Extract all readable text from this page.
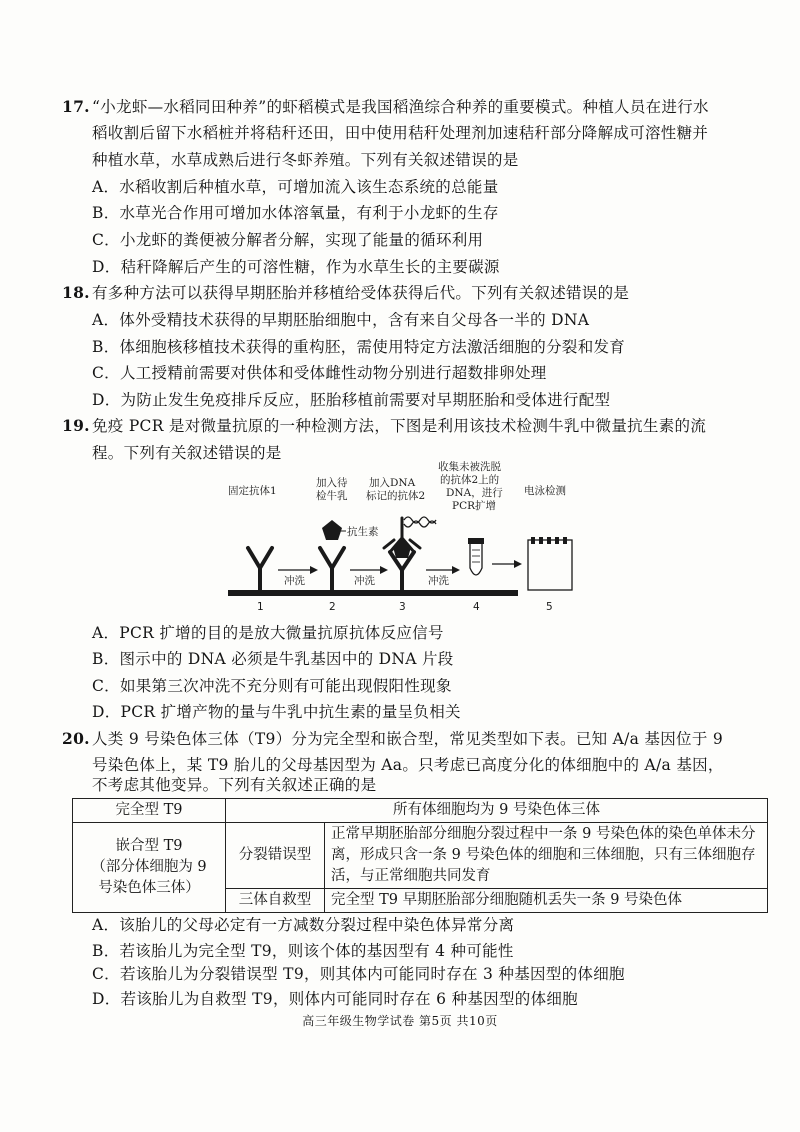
17. “小龙虾—水稻同田种养”的虾稻模式是我国稻渔综合种养的重要模式。种植人员在进行水
稻收割后留下水稻桩并将秸秆还田，田中使用秸秆处理剂加速秸秆部分降解成可溶性糖并
种植水草，水草成熟后进行冬虾养殖。下列有关叙述错误的是
A．水稻收割后种植水草，可增加流入该生态系统的总能量
B．水草光合作用可增加水体溶氧量，有利于小龙虾的生存
C．小龙虾的粪便被分解者分解，实现了能量的循环利用
D．秸秆降解后产生的可溶性糖，作为水草生长的主要碳源
18. 有多种方法可以获得早期胚胎并移植给受体获得后代。下列有关叙述错误的是
A．体外受精技术获得的早期胚胎细胞中，含有来自父母各一半的 DNA
B．体细胞核移植技术获得的重构胚，需使用特定方法激活细胞的分裂和发育
C．人工授精前需要对供体和受体雌性动物分别进行超数排卵处理
D．为防止发生免疫排斥反应，胚胎移植前需要对早期胚胎和受体进行配型
19. 免疫 PCR 是对微量抗原的一种检测方法，下图是利用该技术检测牛乳中微量抗生素的流
程。下列有关叙述错误的是
固定抗体1
加入待
检牛乳
加入DNA
标记的抗体2
收集未被洗脱
的抗体2上的
DNA，进行
PCR扩增
电泳检测
冲洗
抗生素
冲洗	冲洗
1	2	3	4	5
A．PCR 扩增的目的是放大微量抗原抗体反应信号
B．图示中的 DNA 必须是牛乳基因中的 DNA 片段
C．如果第三次冲洗不充分则有可能出现假阳性现象
D．PCR 扩增产物的量与牛乳中抗生素的量呈负相关
20. 人类 9 号染色体三体（T9）分为完全型和嵌合型，常见类型如下表。已知 A/a 基因位于 9
号染色体上，某 T9 胎儿的父母基因型为 Aa。只考虑已高度分化的体细胞中的 A/a 基因，
不考虑其他变异。下列有关叙述正确的是
完全型 T9	所有体细胞均为 9 号染色体三体	

嵌合型 T9
（部分体细胞为 9
号染色体三体）	分裂错误型	正常早期胚胎部分细胞分裂过程中一条 9 号染色体的染色单体未分离，形成只含一条 9 号染色体的细胞和三体细胞，只有三体细胞存活，与正常细胞共同发育
	三体自救型	完全型 T9 早期胚胎部分细胞随机丢失一条 9 号染色体
A．该胎儿的父母必定有一方减数分裂过程中染色体异常分离
B．若该胎儿为完全型 T9，则该个体的基因型有 4 种可能性
C．若该胎儿为分裂错误型 T9，则其体内可能同时存在 3 种基因型的体细胞
D．若该胎儿为自救型 T9，则体内可能同时存在 6 种基因型的体细胞
高三年级生物学试卷 第5页 共10页
